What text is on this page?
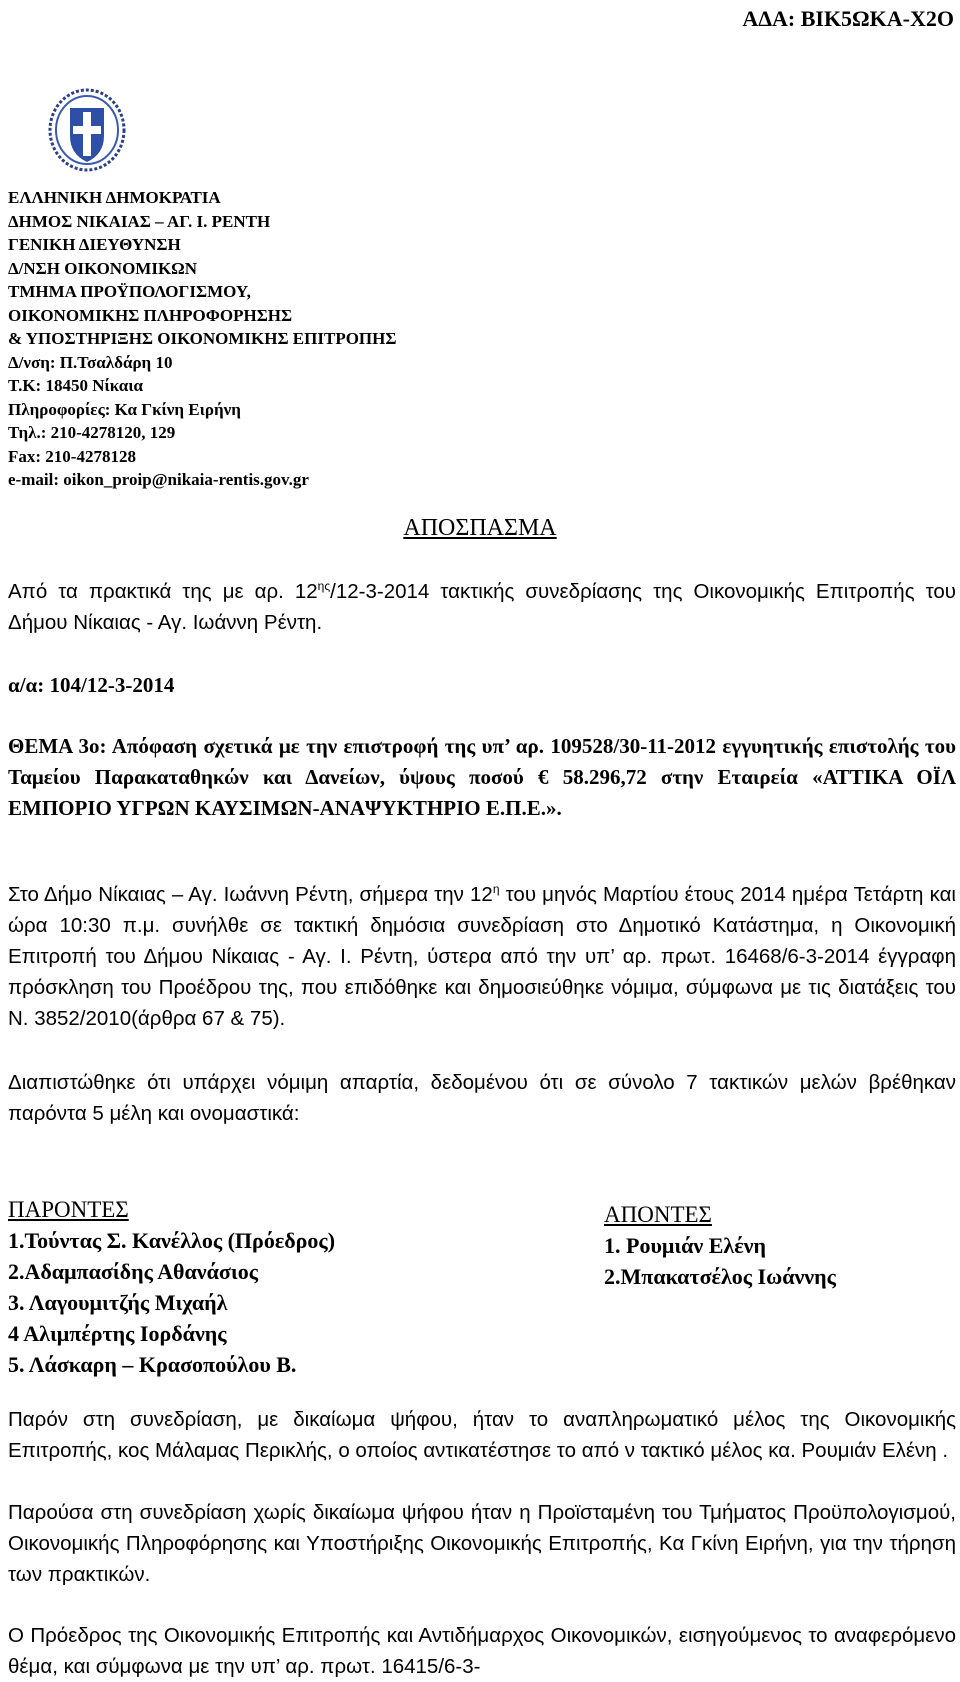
ΑΔΑ: ΒΙΚ5ΩΚΑ-Χ2Ο
ΕΛΛΗΝΙΚΗ ΔΗΜΟΚΡΑΤΙΑ
ΔΗΜΟΣ ΝΙΚΑΙΑΣ – ΑΓ. Ι. ΡΕΝΤΗ
ΓΕΝΙΚΗ ΔΙΕΥΘΥΝΣΗ
Δ/ΝΣΗ ΟΙΚΟΝΟΜΙΚΩΝ
ΤΜΗΜΑ ΠΡΟΫΠΟΛΟΓΙΣΜΟΥ,
ΟΙΚΟΝΟΜΙΚΗΣ ΠΛΗΡΟΦΟΡΗΣΗΣ
& ΥΠΟΣΤΗΡΙΞΗΣ ΟΙΚΟΝΟΜΙΚΗΣ ΕΠΙΤΡΟΠΗΣ
Δ/νση: Π.Τσαλδάρη 10
Τ.Κ: 18450 Νίκαια
Πληροφορίες: Κα Γκίνη Ειρήνη
Τηλ.: 210-4278120, 129
Fax: 210-4278128
e-mail: oikon_proip@nikaia-rentis.gov.gr
ΑΠΟΣΠΑΣΜΑ
Από τα πρακτικά της με αρ. $12^{\eta\varsigma}/12-3-2014$ τακτικής συνεδρίασης της Οικονομικής Επιτροπής του Δήμου Νίκαιας - Αγ. Ιωάννη Ρέντη.
α/α: 104/12-3-2014
ΘΕΜΑ 3ο: Απόφαση σχετικά με την επιστροφή της υπ’ αρ. 109528/30-11-2012 εγγυητικής επιστολής του Ταμείου Παρακαταθηκών και Δανείων, ύψους ποσού € 58.296,72 στην Εταιρεία «ΑΤΤΙΚΑ ΟΪΛ ΕΜΠΟΡΙΟ ΥΓΡΩΝ ΚΑΥΣΙΜΩΝ-ΑΝΑΨΥΚΤΗΡΙΟ Ε.Π.Ε.».
Στο Δήμο Νίκαιας – Αγ. Ιωάννη Ρέντη, σήμερα την $12^\eta$ του μηνός Μαρτίου έτους 2014 ημέρα Τετάρτη και ώρα 10:30 π.μ. συνήλθε σε τακτική δημόσια συνεδρίαση στο Δημοτικό Κατάστημα, η Οικονομική Επιτροπή του Δήμου Νίκαιας - Αγ. Ι. Ρέντη, ύστερα από την υπ’ αρ. πρωτ. 16468/6-3-2014 έγγραφη πρόσκληση του Προέδρου της, που επιδόθηκε και δημοσιεύθηκε νόμιμα, σύμφωνα με τις διατάξεις του Ν. 3852/2010(άρθρα 67 & 75).
Διαπιστώθηκε ότι υπάρχει νόμιμη απαρτία, δεδομένου ότι σε σύνολο 7 τακτικών μελών βρέθηκαν παρόντα 5 μέλη και ονομαστικά:
ΠΑΡΟΝΤΕΣ
1.Τούντας Σ. Κανέλλος (Πρόεδρος)
2.Αδαμπασίδης Αθανάσιος
3. Λαγουμιτζής Μιχαήλ
4 Αλιμπέρτης Ιορδάνης
5. Λάσκαρη – Κρασοπούλου Β.
ΑΠΟΝΤΕΣ
1. Ρουμιάν Ελένη
2.Μπακατσέλος Ιωάννης
Παρόν στη συνεδρίαση, με δικαίωμα ψήφου, ήταν το αναπληρωματικό μέλος της Οικονομικής Επιτροπής, κος Μάλαμας Περικλής, ο οποίος αντικατέστησε το από ν τακτικό μέλος κα. Ρουμιάν Ελένη .
Παρούσα στη συνεδρίαση χωρίς δικαίωμα ψήφου ήταν η Προϊσταμένη του Τμήματος Προϋπολογισμού, Οικονομικής Πληροφόρησης και Υποστήριξης Οικονομικής Επιτροπής, Κα Γκίνη Ειρήνη, για την τήρηση των πρακτικών.
Ο Πρόεδρος της Οικονομικής Επιτροπής και Αντιδήμαρχος Οικονομικών, εισηγούμενος το αναφερόμενο θέμα, και σύμφωνα με την υπ’ αρ. πρωτ. 16415/6-3-
